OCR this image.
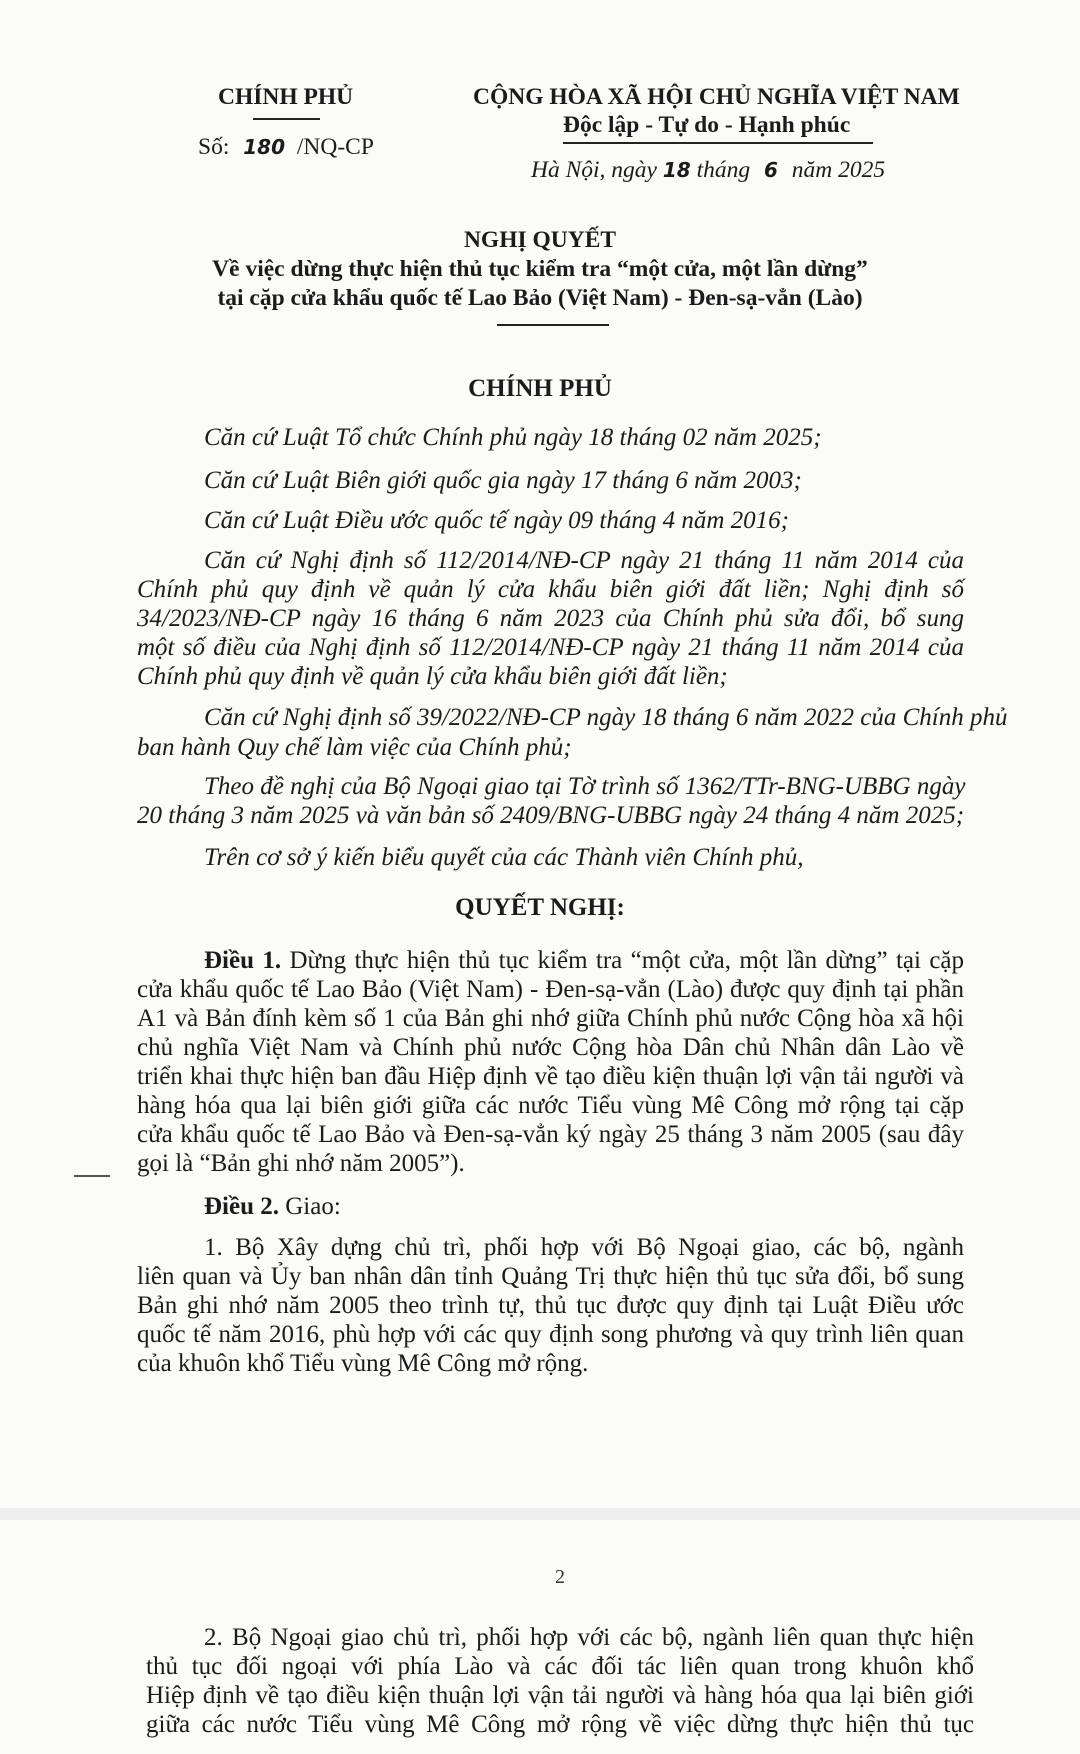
CHÍNH PHỦ
Số: 180 /NQ-CP
CỘNG HÒA XÃ HỘI CHỦ NGHĨA VIỆT NAM
Độc lập - Tự do - Hạnh phúc
Hà Nội, ngày 18 tháng 6 năm 2025
NGHỊ QUYẾT
Về việc dừng thực hiện thủ tục kiểm tra “một cửa, một lần dừng”
tại cặp cửa khẩu quốc tế Lao Bảo (Việt Nam) - Đen-sạ-vẳn (Lào)
CHÍNH PHỦ
Căn cứ Luật Tổ chức Chính phủ ngày 18 tháng 02 năm 2025;
Căn cứ Luật Biên giới quốc gia ngày 17 tháng 6 năm 2003;
Căn cứ Luật Điều ước quốc tế ngày 09 tháng 4 năm 2016;
Căn cứ Nghị định số 112/2014/NĐ-CP ngày 21 tháng 11 năm 2014 của
Chính phủ quy định về quản lý cửa khẩu biên giới đất liền; Nghị định số
34/2023/NĐ-CP ngày 16 tháng 6 năm 2023 của Chính phủ sửa đổi, bổ sung
một số điều của Nghị định số 112/2014/NĐ-CP ngày 21 tháng 11 năm 2014 của
Chính phủ quy định về quản lý cửa khẩu biên giới đất liền;
Căn cứ Nghị định số 39/2022/NĐ-CP ngày 18 tháng 6 năm 2022 của Chính phủ
ban hành Quy chế làm việc của Chính phủ;
Theo đề nghị của Bộ Ngoại giao tại Tờ trình số 1362/TTr-BNG-UBBG ngày
20 tháng 3 năm 2025 và văn bản số 2409/BNG-UBBG ngày 24 tháng 4 năm 2025;
Trên cơ sở ý kiến biểu quyết của các Thành viên Chính phủ,
QUYẾT NGHỊ:
Điều 1. Dừng thực hiện thủ tục kiểm tra “một cửa, một lần dừng” tại cặp
cửa khẩu quốc tế Lao Bảo (Việt Nam) - Đen-sạ-vẳn (Lào) được quy định tại phần
A1 và Bản đính kèm số 1 của Bản ghi nhớ giữa Chính phủ nước Cộng hòa xã hội
chủ nghĩa Việt Nam và Chính phủ nước Cộng hòa Dân chủ Nhân dân Lào về
triển khai thực hiện ban đầu Hiệp định về tạo điều kiện thuận lợi vận tải người và
hàng hóa qua lại biên giới giữa các nước Tiểu vùng Mê Công mở rộng tại cặp
cửa khẩu quốc tế Lao Bảo và Đen-sạ-vẳn ký ngày 25 tháng 3 năm 2005 (sau đây
gọi là “Bản ghi nhớ năm 2005”).
Điều 2. Giao:
1. Bộ Xây dựng chủ trì, phối hợp với Bộ Ngoại giao, các bộ, ngành
liên quan và Ủy ban nhân dân tỉnh Quảng Trị thực hiện thủ tục sửa đổi, bổ sung
Bản ghi nhớ năm 2005 theo trình tự, thủ tục được quy định tại Luật Điều ước
quốc tế năm 2016, phù hợp với các quy định song phương và quy trình liên quan
của khuôn khổ Tiểu vùng Mê Công mở rộng.
2
2. Bộ Ngoại giao chủ trì, phối hợp với các bộ, ngành liên quan thực hiện
thủ tục đối ngoại với phía Lào và các đối tác liên quan trong khuôn khổ
Hiệp định về tạo điều kiện thuận lợi vận tải người và hàng hóa qua lại biên giới
giữa các nước Tiểu vùng Mê Công mở rộng về việc dừng thực hiện thủ tục
